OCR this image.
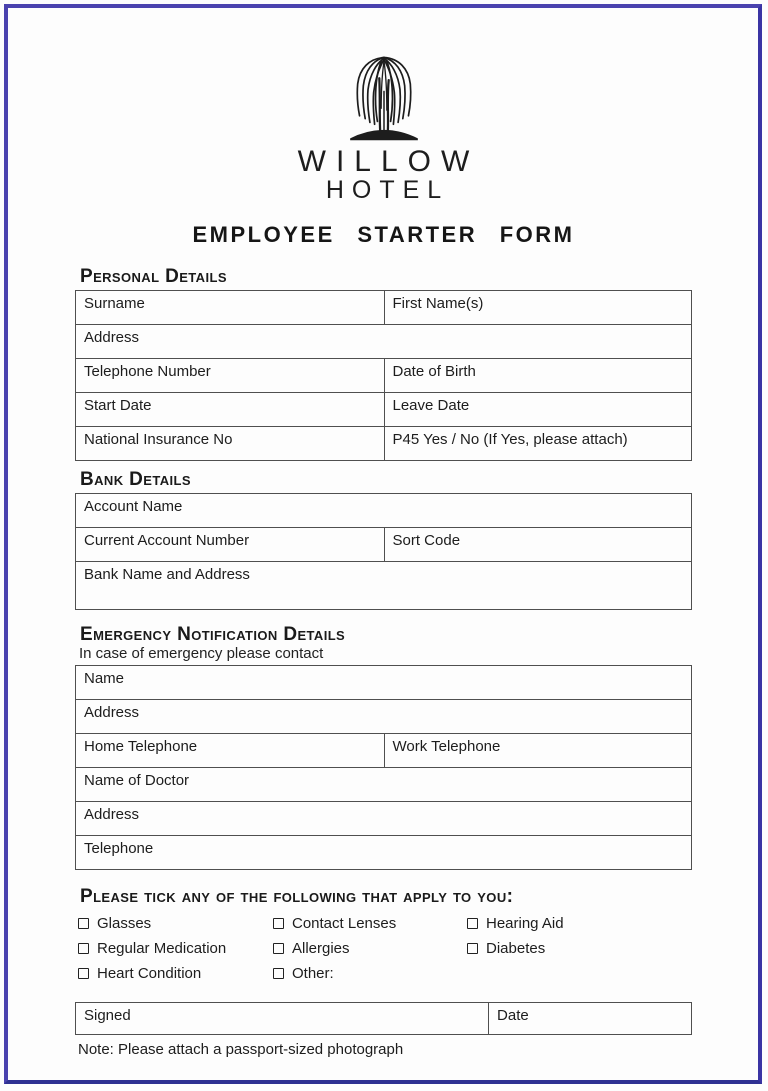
WILLOW
HOTEL
EMPLOYEE STARTER FORM
Personal Details
Surname	First Name(s)
Address
Telephone Number	Date of Birth
Start Date	Leave Date
National Insurance No	P45 Yes / No (If Yes, please attach)
Bank Details
Account Name
Current Account Number	Sort Code
Bank Name and Address
Emergency Notification Details
In case of emergency please contact
Name
Address
Home Telephone	Work Telephone
Name of Doctor
Address
Telephone
Please tick any of the following that apply to you:
Glasses	Contact Lenses	Hearing Aid
Regular Medication	Allergies	Diabetes
Heart Condition	Other:
Signed	Date
Note: Please attach a passport-sized photograph
